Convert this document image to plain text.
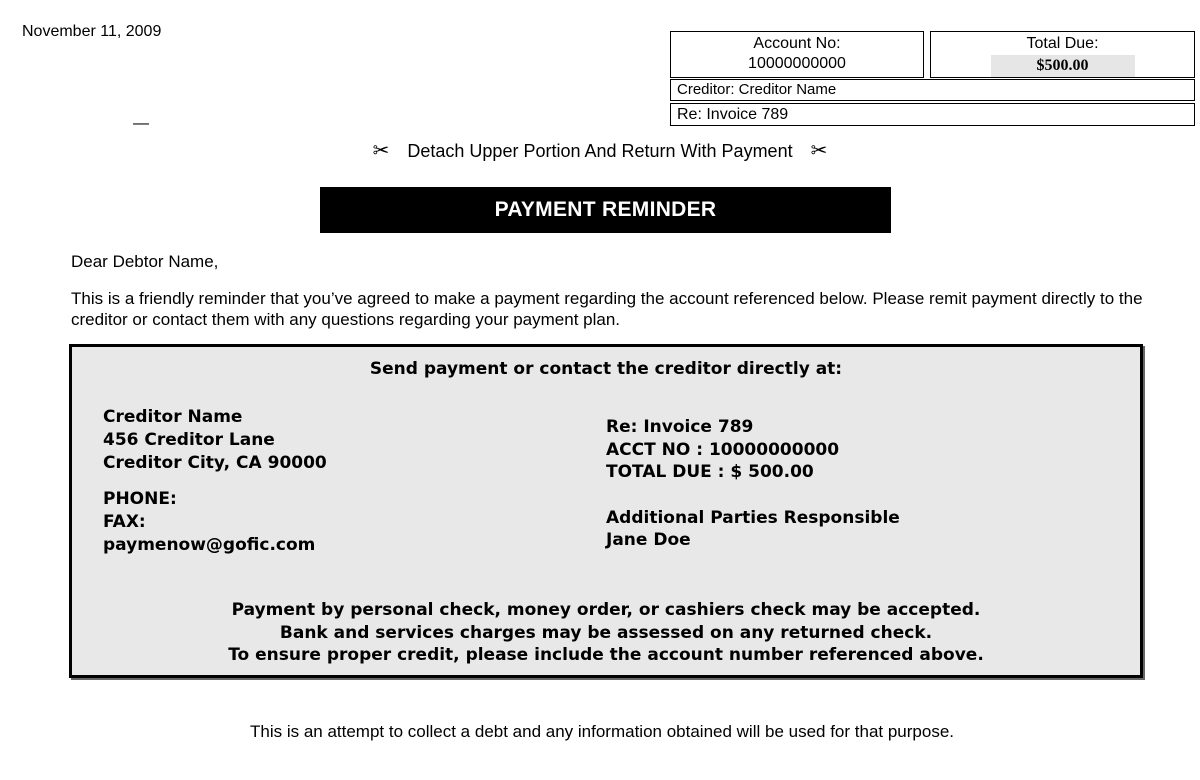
November 11, 2009
—
Account No:
10000000000
Total Due:
$500.00
Creditor: Creditor Name
Re: Invoice 789
✂ Detach Upper Portion And Return With Payment ✂
PAYMENT REMINDER
Dear Debtor Name,
This is a friendly reminder that you’ve agreed to make a payment regarding the account referenced below. Please remit payment directly to the creditor or contact them with any questions regarding your payment plan.
Send payment or contact the creditor directly at:
Creditor Name
456 Creditor Lane
Creditor City, CA 90000
PHONE:
FAX:
paymenow@gofic.com
Re: Invoice 789
ACCT NO : 10000000000
TOTAL DUE : $ 500.00
Additional Parties Responsible
Jane Doe
Payment by personal check, money order, or cashiers check may be accepted.
Bank and services charges may be assessed on any returned check.
To ensure proper credit, please include the account number referenced above.
This is an attempt to collect a debt and any information obtained will be used for that purpose.
